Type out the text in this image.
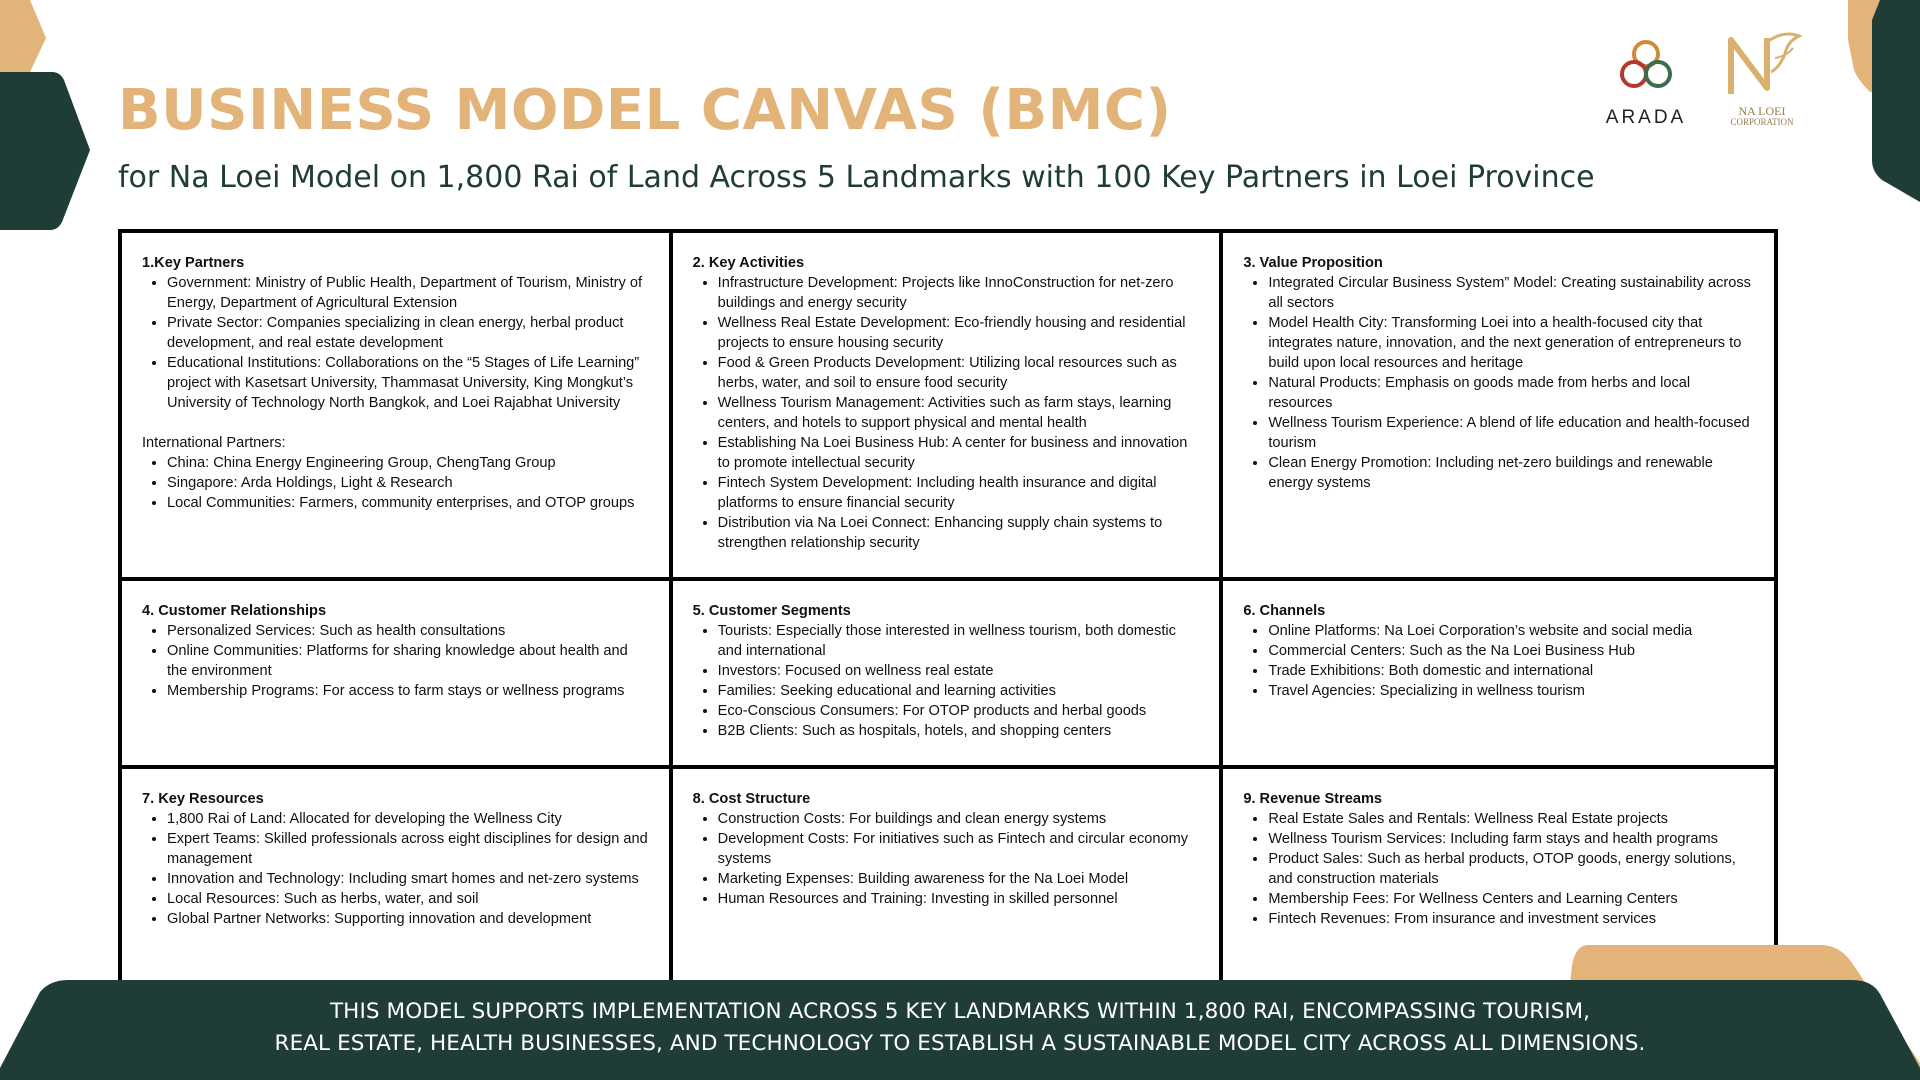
BUSINESS MODEL CANVAS (BMC)
for Na Loei Model on 1,800 Rai of Land Across 5 Landmarks with 100 Key Partners in Loei Province
ARADA	NA LOEI
CORPORATION
1.Key Partners
• Government: Ministry of Public Health, Department of Tourism, Ministry of Energy, Department of Agricultural Extension
• Private Sector: Companies specializing in clean energy, herbal product development, and real estate development
• Educational Institutions: Collaborations on the “5 Stages of Life Learning” project with Kasetsart University, Thammasat University, King Mongkut’s University of Technology North Bangkok, and Loei Rajabhat University
International Partners:
• China: China Energy Engineering Group, ChengTang Group
• Singapore: Arda Holdings, Light & Research
• Local Communities: Farmers, community enterprises, and OTOP groups
2. Key Activities
• Infrastructure Development: Projects like InnoConstruction for net-zero buildings and energy security
• Wellness Real Estate Development: Eco-friendly housing and residential projects to ensure housing security
• Food & Green Products Development: Utilizing local resources such as herbs, water, and soil to ensure food security
• Wellness Tourism Management: Activities such as farm stays, learning centers, and hotels to support physical and mental health
• Establishing Na Loei Business Hub: A center for business and innovation to promote intellectual security
• Fintech System Development: Including health insurance and digital platforms to ensure financial security
• Distribution via Na Loei Connect: Enhancing supply chain systems to strengthen relationship security
3. Value Proposition
• Integrated Circular Business System” Model: Creating sustainability across all sectors
• Model Health City: Transforming Loei into a health-focused city that integrates nature, innovation, and the next generation of entrepreneurs to build upon local resources and heritage
• Natural Products: Emphasis on goods made from herbs and local resources
• Wellness Tourism Experience: A blend of life education and health-focused tourism
• Clean Energy Promotion: Including net-zero buildings and renewable energy systems
4. Customer Relationships
• Personalized Services: Such as health consultations
• Online Communities: Platforms for sharing knowledge about health and the environment
• Membership Programs: For access to farm stays or wellness programs
5. Customer Segments
• Tourists: Especially those interested in wellness tourism, both domestic and international
• Investors: Focused on wellness real estate
• Families: Seeking educational and learning activities
• Eco-Conscious Consumers: For OTOP products and herbal goods
• B2B Clients: Such as hospitals, hotels, and shopping centers
6. Channels
• Online Platforms: Na Loei Corporation’s website and social media
• Commercial Centers: Such as the Na Loei Business Hub
• Trade Exhibitions: Both domestic and international
• Travel Agencies: Specializing in wellness tourism
7. Key Resources
• 1,800 Rai of Land: Allocated for developing the Wellness City
• Expert Teams: Skilled professionals across eight disciplines for design and management
• Innovation and Technology: Including smart homes and net-zero systems
• Local Resources: Such as herbs, water, and soil
• Global Partner Networks: Supporting innovation and development
8. Cost Structure
• Construction Costs: For buildings and clean energy systems
• Development Costs: For initiatives such as Fintech and circular economy systems
• Marketing Expenses: Building awareness for the Na Loei Model
• Human Resources and Training: Investing in skilled personnel
9. Revenue Streams
• Real Estate Sales and Rentals: Wellness Real Estate projects
• Wellness Tourism Services: Including farm stays and health programs
• Product Sales: Such as herbal products, OTOP goods, energy solutions, and construction materials
• Membership Fees: For Wellness Centers and Learning Centers
• Fintech Revenues: From insurance and investment services
THIS MODEL SUPPORTS IMPLEMENTATION ACROSS 5 KEY LANDMARKS WITHIN 1,800 RAI, ENCOMPASSING TOURISM,
REAL ESTATE, HEALTH BUSINESSES, AND TECHNOLOGY TO ESTABLISH A SUSTAINABLE MODEL CITY ACROSS ALL DIMENSIONS.
